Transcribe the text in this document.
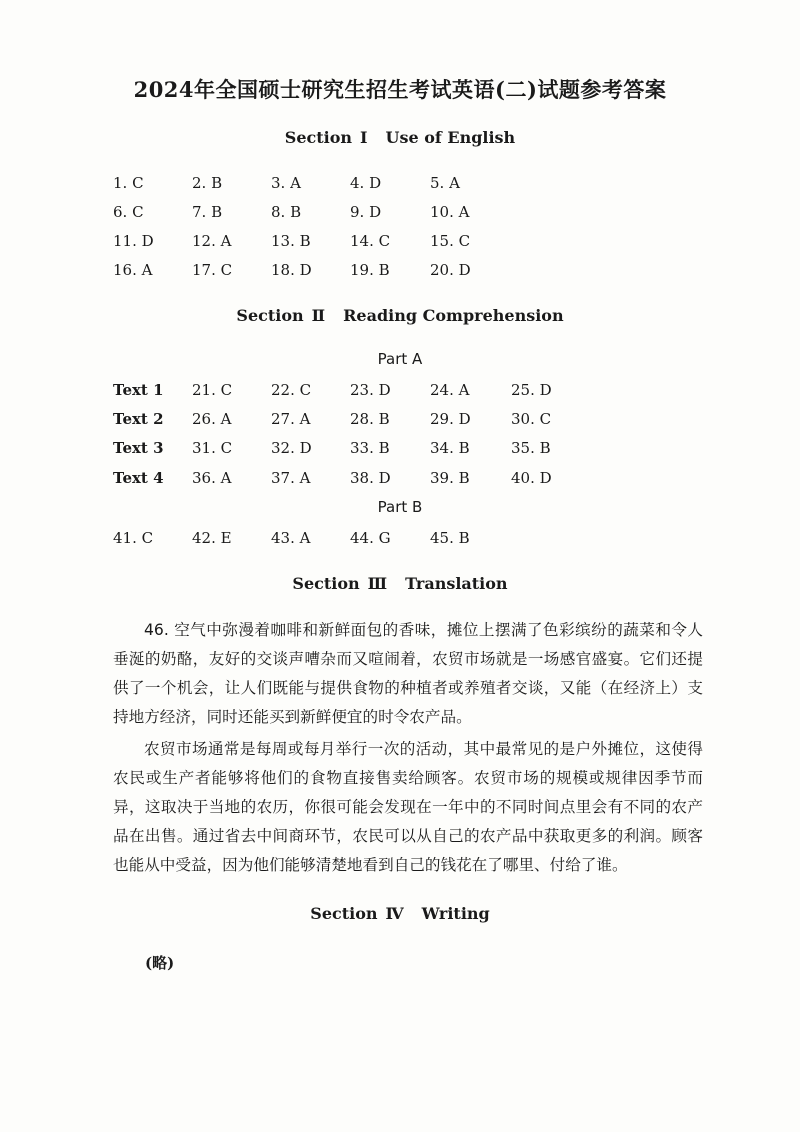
2024年全国硕士研究生招生考试英语(二)试题参考答案
Section Ⅰ Use of English
1. C	2. B	3. A	4. D	5. A
6. C	7. B	8. B	9. D	10. A
11. D	12. A	13. B	14. C	15. C
16. A	17. C	18. D	19. B	20. D
Section Ⅱ Reading Comprehension
Part A
Text 1 21. C	22. C	23. D	24. A	25. D
Text 2 26. A	27. A	28. B	29. D	30. C
Text 3 31. C	32. D	33. B	34. B	35. B
Text 4 36. A	37. A	38. D	39. B	40. D
Part B
41. C	42. E	43. A	44. G	45. B
Section Ⅲ Translation
46. 空气中弥漫着咖啡和新鲜面包的香味，摊位上摆满了色彩缤纷的蔬菜和令人垂涎的奶酪，友好的交谈声嘈杂而又喧闹着，农贸市场就是一场感官盛宴。它们还提供了一个机会，让人们既能与提供食物的种植者或养殖者交谈，又能（在经济上）支持地方经济，同时还能买到新鲜便宜的时令农产品。
农贸市场通常是每周或每月举行一次的活动，其中最常见的是户外摊位，这使得农民或生产者能够将他们的食物直接售卖给顾客。农贸市场的规模或规律因季节而异，这取决于当地的农历，你很可能会发现在一年中的不同时间点里会有不同的农产品在出售。通过省去中间商环节，农民可以从自己的农产品中获取更多的利润。顾客也能从中受益，因为他们能够清楚地看到自己的钱花在了哪里、付给了谁。
Section Ⅳ Writing
(略)
